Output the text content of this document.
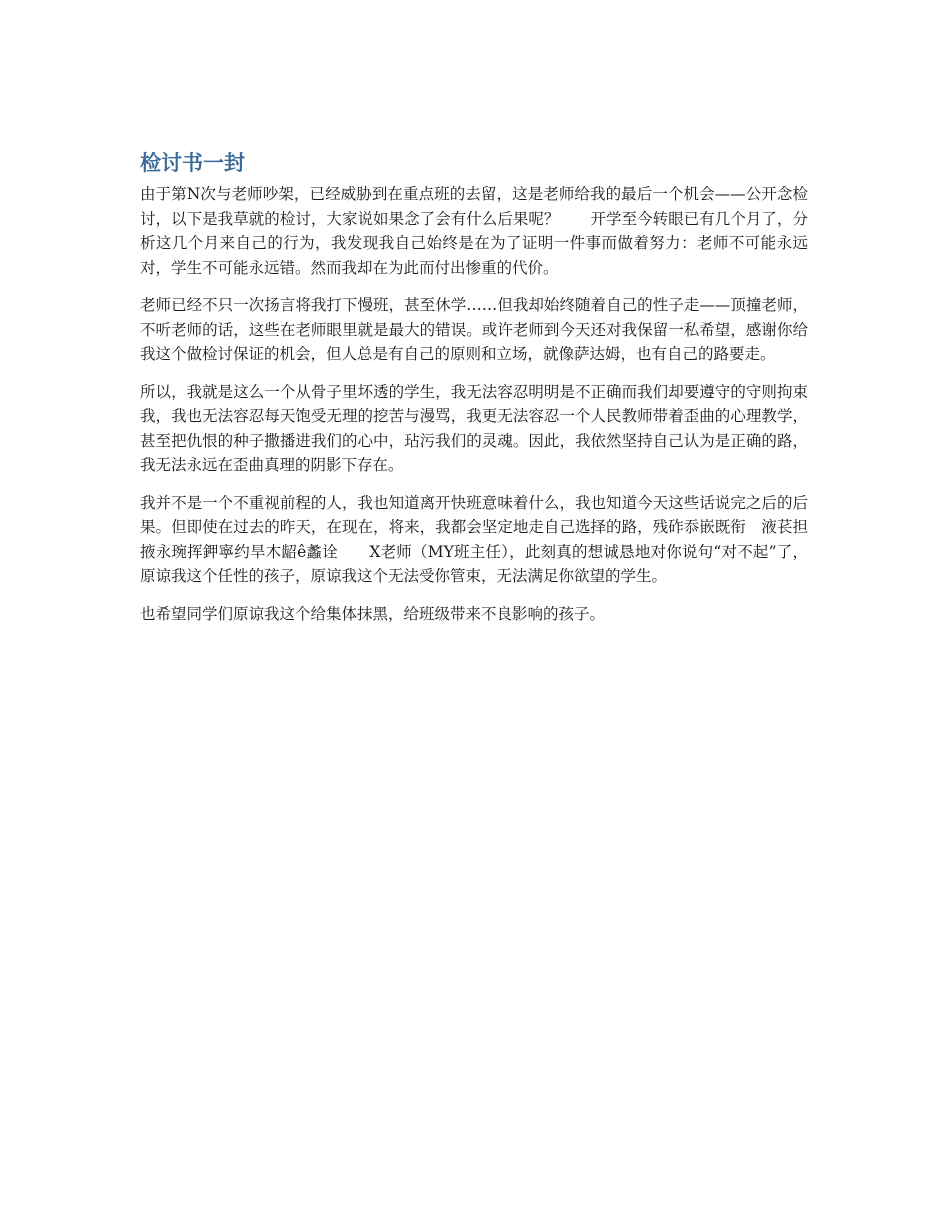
检讨书一封

由于第N次与老师吵架，已经威胁到在重点班的去留，这是老师给我的最后一个机会——公开念检讨，以下是我草就的检讨，大家说如果念了会有什么后果呢？　　开学至今转眼已有几个月了，分析这几个月来自己的行为，我发现我自己始终是在为了证明一件事而做着努力：老师不可能永远对，学生不可能永远错。然而我却在为此而付出惨重的代价。

老师已经不只一次扬言将我打下慢班，甚至休学……但我却始终随着自己的性子走——顶撞老师，不听老师的话，这些在老师眼里就是最大的错误。或许老师到今天还对我保留一私希望，感谢你给我这个做检讨保证的机会，但人总是有自己的原则和立场，就像萨达姆，也有自己的路要走。

所以，我就是这么一个从骨子里坏透的学生，我无法容忍明明是不正确而我们却要遵守的守则拘束我，我也无法容忍每天饱受无理的挖苦与漫骂，我更无法容忍一个人民教师带着歪曲的心理教学，甚至把仇恨的种子撒播进我们的心中，玷污我们的灵魂。因此，我依然坚持自己认为是正确的路，我无法永远在歪曲真理的阴影下存在。

我并不是一个不重视前程的人，我也知道离开快班意味着什么，我也知道今天这些话说完之后的后果。但即使在过去的昨天，在现在，将来，我都会坚定地走自己选择的路，残砟忝嵌既衔　液苌担　　掖永琬挥鉀寧约旱木龆ê蠡诠　　X老师（MY班主任），此刻真的想诚恳地对你说句“对不起”了，原谅我这个任性的孩子，原谅我这个无法受你管束，无法满足你欲望的学生。

也希望同学们原谅我这个给集体抹黑，给班级带来不良影响的孩子。
